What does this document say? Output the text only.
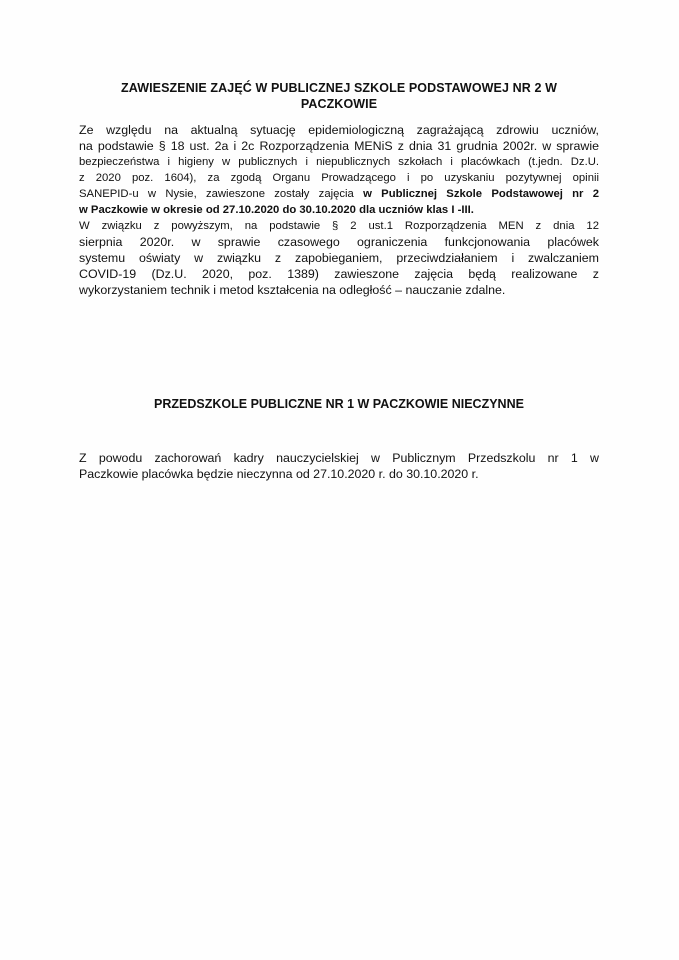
ZAWIESZENIE ZAJĘĆ W PUBLICZNEJ SZKOLE PODSTAWOWEJ NR 2 W
PACZKOWIE

Ze względu na aktualną sytuację epidemiologiczną zagrażającą zdrowiu uczniów,
na podstawie § 18 ust. 2a i 2c Rozporządzenia MENiS z dnia 31 grudnia 2002r. w sprawie
bezpieczeństwa i higieny w publicznych i niepublicznych szkołach i placówkach (t.jedn. Dz.U.
z 2020 poz. 1604), za zgodą Organu Prowadzącego i po uzyskaniu pozytywnej opinii
SANEPID-u w Nysie, zawieszone zostały zajęcia w Publicznej Szkole Podstawowej nr 2
w Paczkowie w okresie od 27.10.2020 do 30.10.2020 dla uczniów klas I -III.
W związku z powyższym, na podstawie § 2 ust.1 Rozporządzenia MEN z dnia 12
sierpnia 2020r. w sprawie czasowego ograniczenia funkcjonowania placówek
systemu oświaty w związku z zapobieganiem, przeciwdziałaniem i zwalczaniem
COVID-19 (Dz.U. 2020, poz. 1389) zawieszone zajęcia będą realizowane z
wykorzystaniem technik i metod kształcenia na odległość – nauczanie zdalne.

PRZEDSZKOLE PUBLICZNE NR 1 W PACZKOWIE NIECZYNNE

Z powodu zachorowań kadry nauczycielskiej w Publicznym Przedszkolu nr 1 w
Paczkowie placówka będzie nieczynna od 27.10.2020 r. do 30.10.2020 r.
